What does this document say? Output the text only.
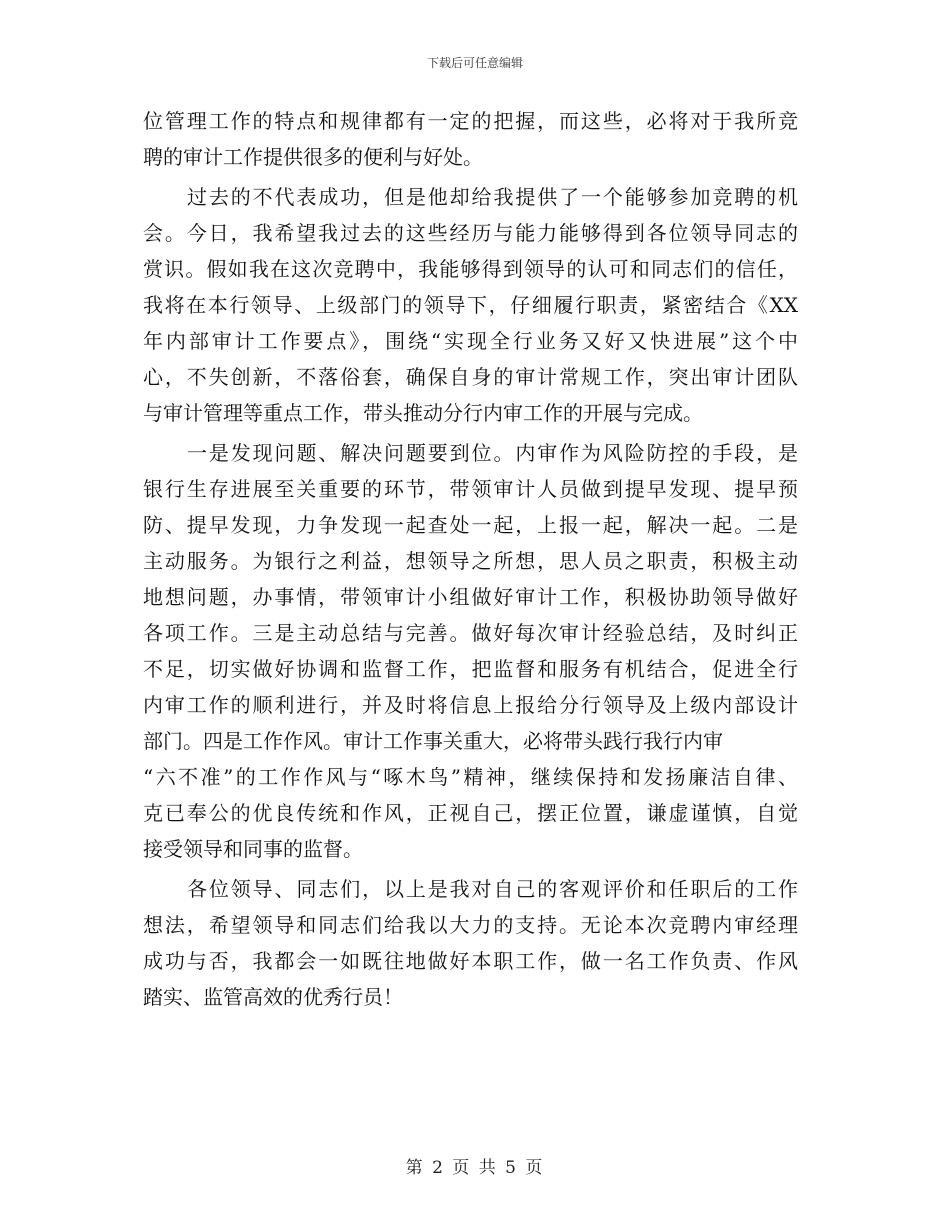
下载后可任意编辑
位管理工作的特点和规律都有一定的把握，而这些，必将对于我所竞
聘的审计工作提供很多的便利与好处。
过去的不代表成功，但是他却给我提供了一个能够参加竞聘的机
会。今日，我希望我过去的这些经历与能力能够得到各位领导同志的
赏识。假如我在这次竞聘中，我能够得到领导的认可和同志们的信任，
我将在本行领导、上级部门的领导下，仔细履行职责，紧密结合《XX
年内部审计工作要点》，围绕“实现全行业务又好又快进展”这个中
心，不失创新，不落俗套，确保自身的审计常规工作，突出审计团队
与审计管理等重点工作，带头推动分行内审工作的开展与完成。
一是发现问题、解决问题要到位。内审作为风险防控的手段，是
银行生存进展至关重要的环节，带领审计人员做到提早发现、提早预
防、提早发现，力争发现一起查处一起，上报一起，解决一起。二是
主动服务。为银行之利益，想领导之所想，思人员之职责，积极主动
地想问题，办事情，带领审计小组做好审计工作，积极协助领导做好
各项工作。三是主动总结与完善。做好每次审计经验总结，及时纠正
不足，切实做好协调和监督工作，把监督和服务有机结合，促进全行
内审工作的顺利进行，并及时将信息上报给分行领导及上级内部设计
部门。四是工作作风。审计工作事关重大，必将带头践行我行内审
“六不准”的工作作风与“啄木鸟”精神，继续保持和发扬廉洁自律、
克已奉公的优良传统和作风，正视自己，摆正位置，谦虚谨慎，自觉
接受领导和同事的监督。
各位领导、同志们，以上是我对自己的客观评价和任职后的工作
想法，希望领导和同志们给我以大力的支持。无论本次竞聘内审经理
成功与否，我都会一如既往地做好本职工作，做一名工作负责、作风
踏实、监管高效的优秀行员！
第 2 页 共 5 页
